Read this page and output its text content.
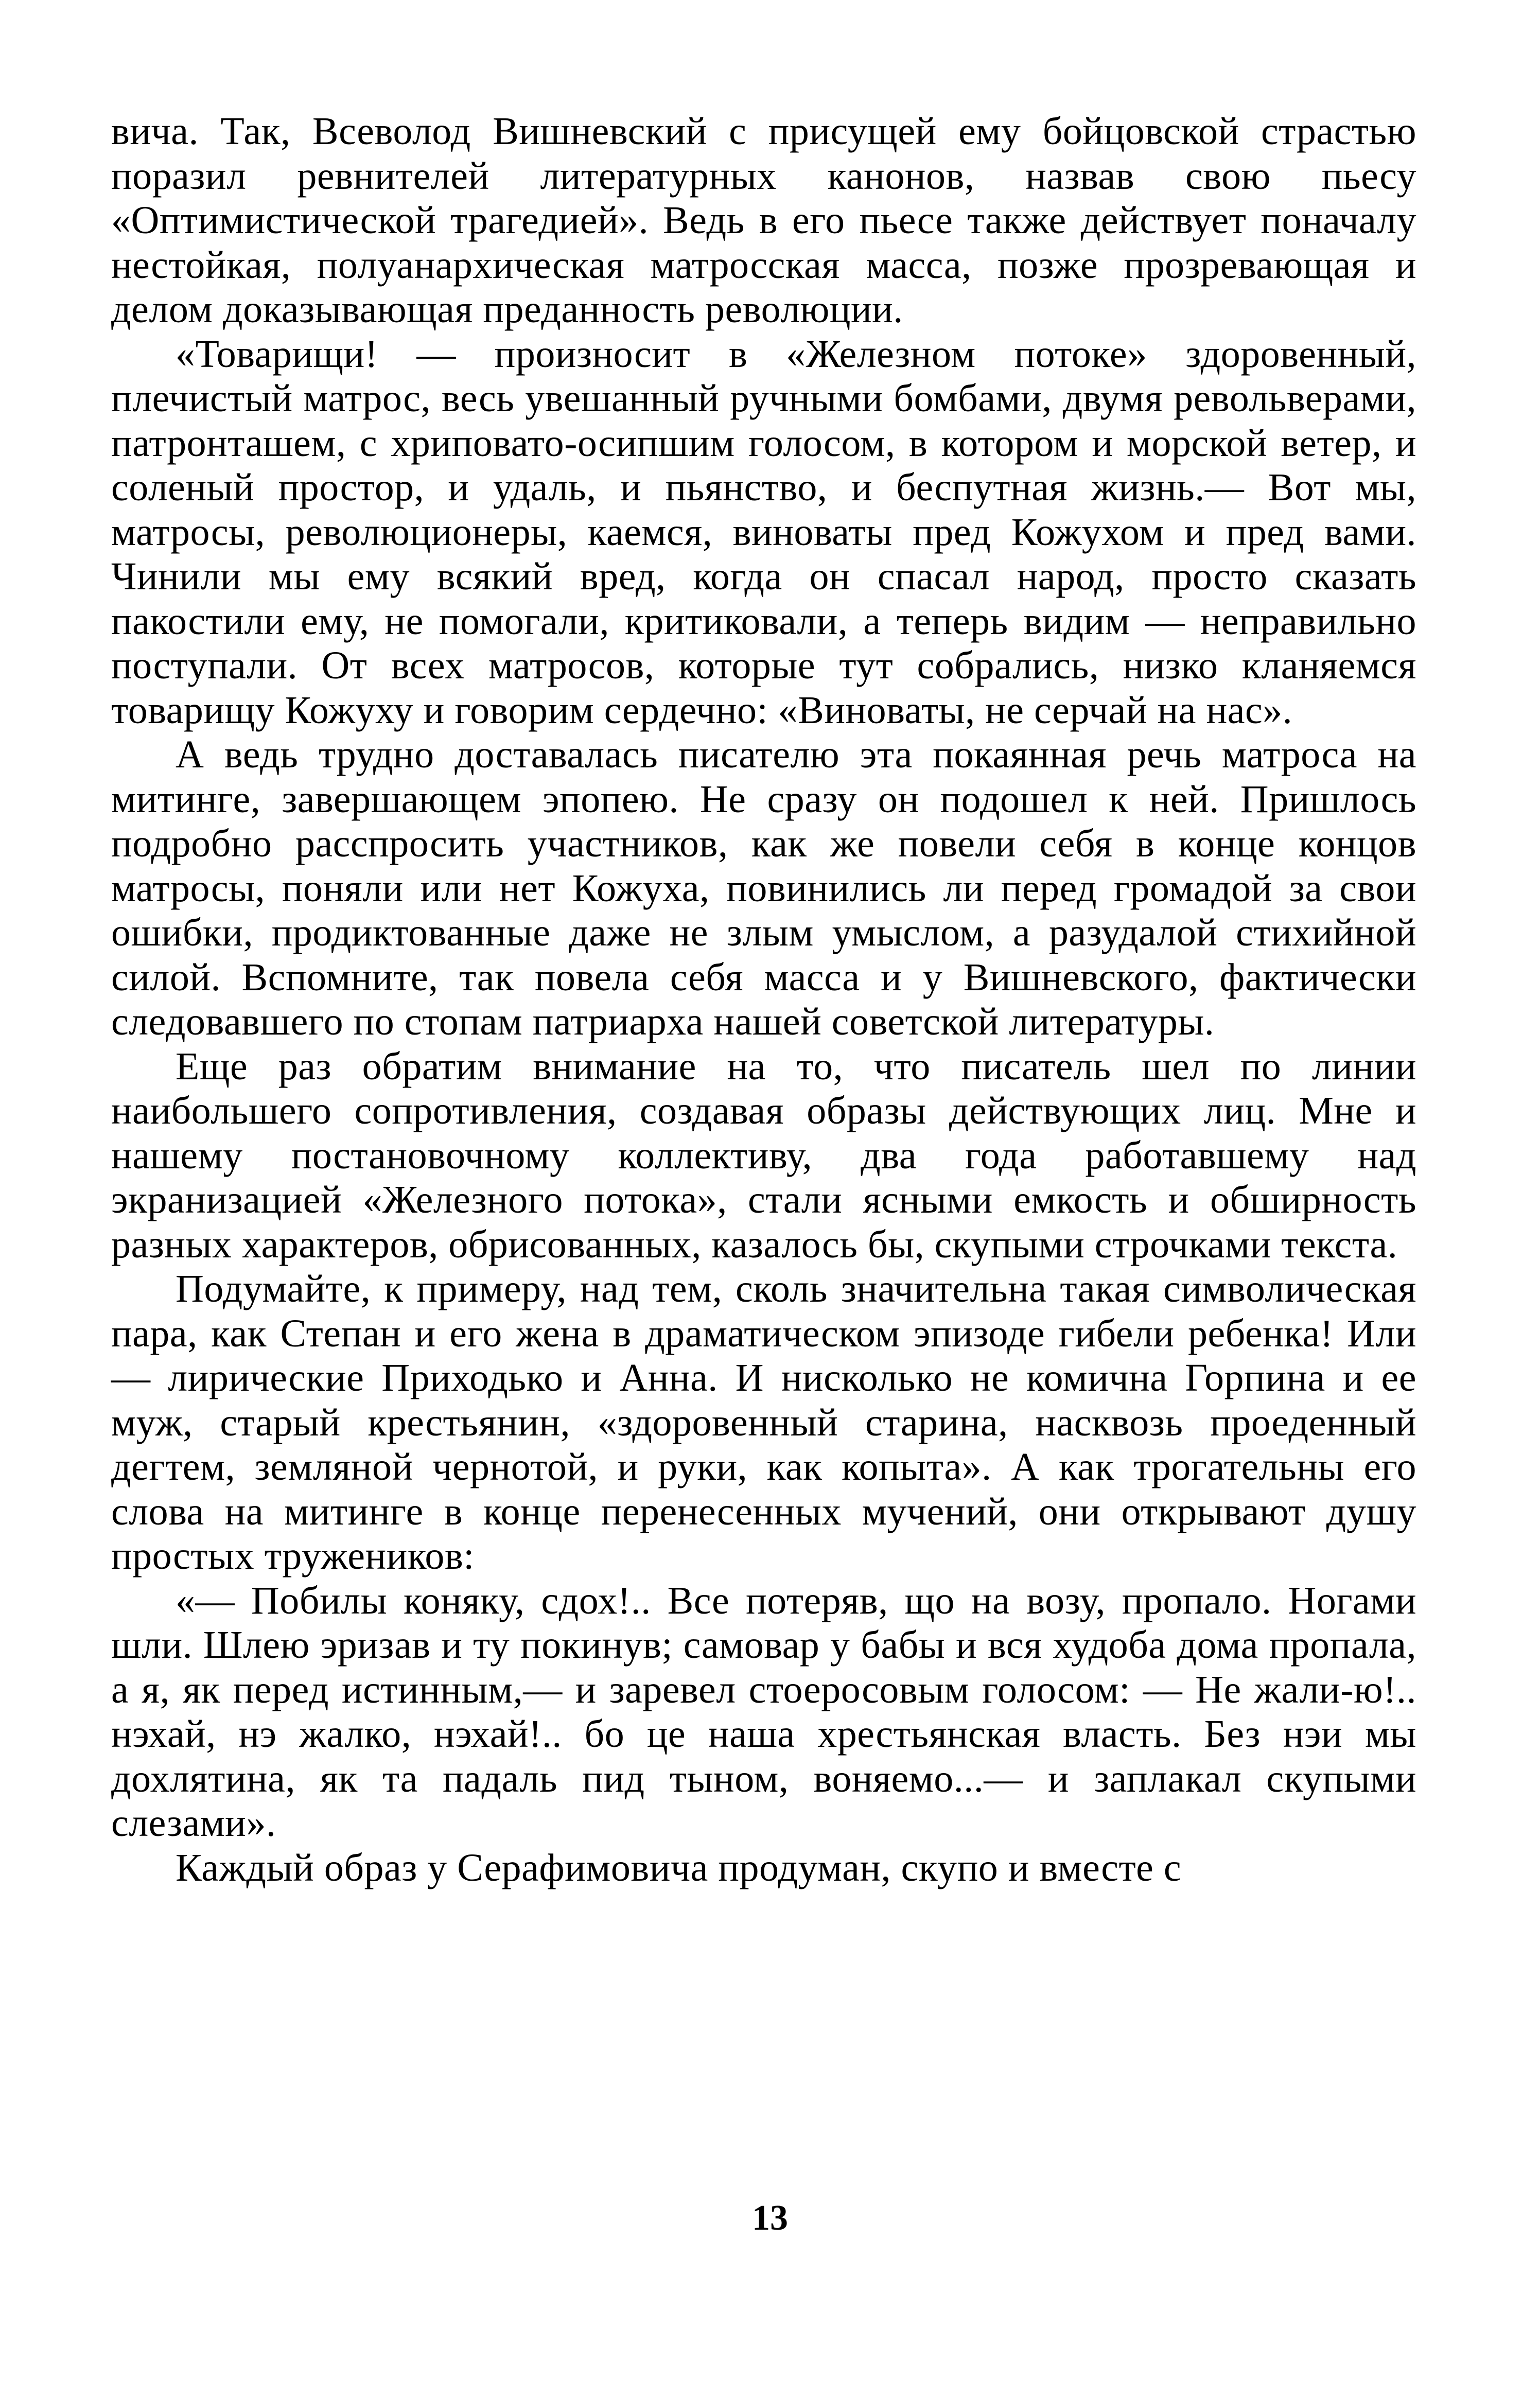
вича. Так, Всеволод Вишневский с присущей ему бойцовской страстью поразил ревнителей литературных канонов, назвав свою пьесу «Оптимистической трагедией». Ведь в его пьесе также действует поначалу нестойкая, полуанархическая матросская масса, позже прозревающая и делом доказывающая преданность революции.

«Товарищи! — произносит в «Железном потоке» здоровенный, плечистый матрос, весь увешанный ручными бомбами, двумя револьверами, патронташем, с хриповато-осипшим голосом, в котором и морской ветер, и соленый простор, и удаль, и пьянство, и беспутная жизнь.— Вот мы, матросы, революционеры, каемся, виноваты пред Кожухом и пред вами. Чинили мы ему всякий вред, когда он спасал народ, просто сказать пакостили ему, не помогали, критиковали, а теперь видим — неправильно поступали. От всех матросов, которые тут собрались, низко кланяемся товарищу Кожуху и говорим сердечно: «Виноваты, не серчай на нас».

А ведь трудно доставалась писателю эта покаянная речь матроса на митинге, завершающем эпопею. Не сразу он подошел к ней. Пришлось подробно расспросить участников, как же повели себя в конце концов матросы, поняли или нет Кожуха, повинились ли перед громадой за свои ошибки, продиктованные даже не злым умыслом, а разудалой стихийной силой. Вспомните, так повела себя масса и у Вишневского, фактически следовавшего по стопам патриарха нашей советской литературы.

Еще раз обратим внимание на то, что писатель шел по линии наибольшего сопротивления, создавая образы действующих лиц. Мне и нашему постановочному коллективу, два года работавшему над экранизацией «Железного потока», стали ясными емкость и обширность разных характеров, обрисованных, казалось бы, скупыми строчками текста.

Подумайте, к примеру, над тем, сколь значительна такая символическая пара, как Степан и его жена в драматическом эпизоде гибели ребенка! Или — лирические Приходько и Анна. И нисколько не комична Горпина и ее муж, старый крестьянин, «здоровенный старина, насквозь проеденный дегтем, земляной чернотой, и руки, как копыта». А как трогательны его слова на митинге в конце перенесенных мучений, они открывают душу простых тружеников:

«— Побилы коняку, сдох!.. Все потеряв, що на возу, пропало. Ногами шли. Шлею эризав и ту покинув; самовар у бабы и вся худоба дома пропала, а я, як перед истинным,— и заревел стоеросовым голосом: — Не жали-ю!.. нэхай, нэ жалко, нэхай!.. бо це наша хрестьянская власть. Без нэи мы дохлятина, як та падаль пид тыном, воняемо...— и заплакал скупыми слезами».

Каждый образ у Серафимовича продуман, скупо и вместе с

13
